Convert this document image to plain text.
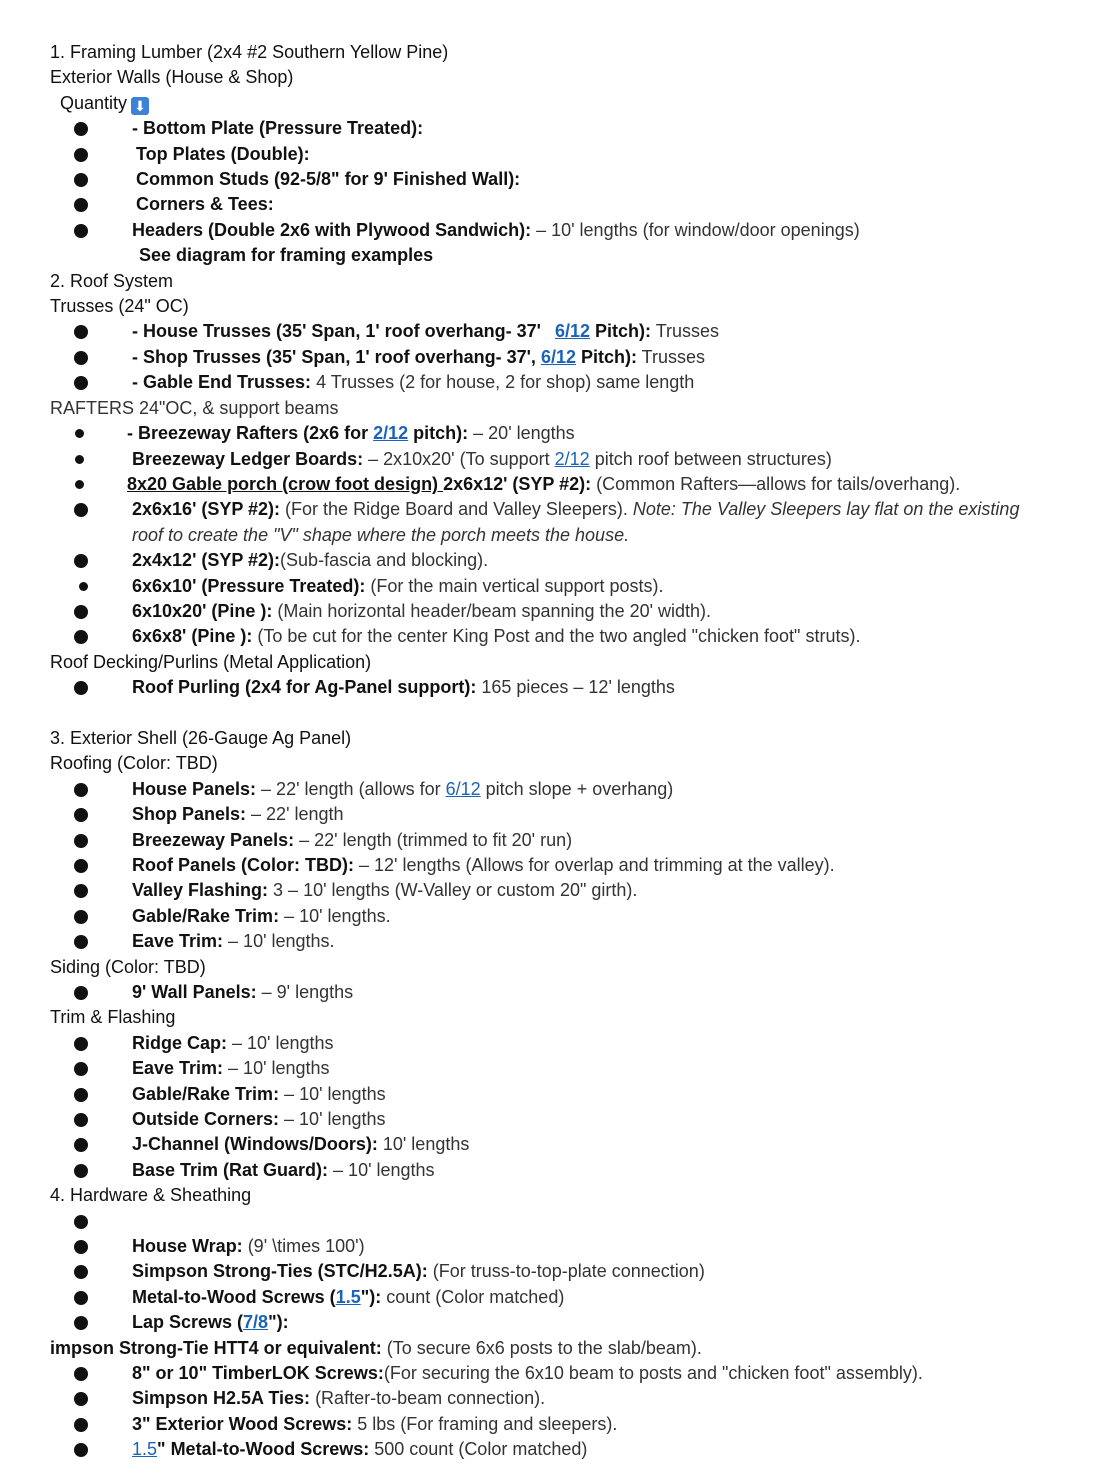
1. Framing Lumber (2x4 #2 Southern Yellow Pine)
Exterior Walls (House & Shop)
Quantity ⬇
- Bottom Plate (Pressure Treated):
Top Plates (Double):
Common Studs (92-5/8" for 9' Finished Wall):
Corners & Tees:
Headers (Double 2x6 with Plywood Sandwich): – 10' lengths (for window/door openings)
See diagram for framing examples
2. Roof System
Trusses (24" OC)
- House Trusses (35' Span, 1' roof overhang- 37' 6/12 Pitch): Trusses
- Shop Trusses (35' Span, 1' roof overhang- 37', 6/12 Pitch): Trusses
- Gable End Trusses: 4 Trusses (2 for house, 2 for shop) same length
RAFTERS 24"OC, & support beams
- Breezeway Rafters (2x6 for 2/12 pitch): – 20' lengths
Breezeway Ledger Boards: – 2x10x20' (To support 2/12 pitch roof between structures)
8x20 Gable porch (crow foot design) 2x6x12' (SYP #2): (Common Rafters—allows for tails/overhang).
2x6x16' (SYP #2): (For the Ridge Board and Valley Sleepers). Note: The Valley Sleepers lay flat on the existing
roof to create the "V" shape where the porch meets the house.
2x4x12' (SYP #2):(Sub-fascia and blocking).
6x6x10' (Pressure Treated): (For the main vertical support posts).
6x10x20' (Pine ): (Main horizontal header/beam spanning the 20' width).
6x6x8' (Pine ): (To be cut for the center King Post and the two angled "chicken foot" struts).
Roof Decking/Purlins (Metal Application)
Roof Purling (2x4 for Ag-Panel support): 165 pieces – 12' lengths
3. Exterior Shell (26-Gauge Ag Panel)
Roofing (Color: TBD)
House Panels: – 22' length (allows for 6/12 pitch slope + overhang)
Shop Panels: – 22' length
Breezeway Panels: – 22' length (trimmed to fit 20' run)
Roof Panels (Color: TBD): – 12' lengths (Allows for overlap and trimming at the valley).
Valley Flashing: 3 – 10' lengths (W-Valley or custom 20" girth).
Gable/Rake Trim: – 10' lengths.
Eave Trim: – 10' lengths.
Siding (Color: TBD)
9' Wall Panels: – 9' lengths
Trim & Flashing
Ridge Cap: – 10' lengths
Eave Trim: – 10' lengths
Gable/Rake Trim: – 10' lengths
Outside Corners: – 10' lengths
J-Channel (Windows/Doors): 10' lengths
Base Trim (Rat Guard): – 10' lengths
4. Hardware & Sheathing
House Wrap: (9' \times 100')
Simpson Strong-Ties (STC/H2.5A): (For truss-to-top-plate connection)
Metal-to-Wood Screws (1.5"): count (Color matched)
Lap Screws (7/8"):
impson Strong-Tie HTT4 or equivalent: (To secure 6x6 posts to the slab/beam).
8" or 10" TimberLOK Screws:(For securing the 6x10 beam to posts and "chicken foot" assembly).
Simpson H2.5A Ties: (Rafter-to-beam connection).
3" Exterior Wood Screws: 5 lbs (For framing and sleepers).
1.5" Metal-to-Wood Screws: 500 count (Color matched)
